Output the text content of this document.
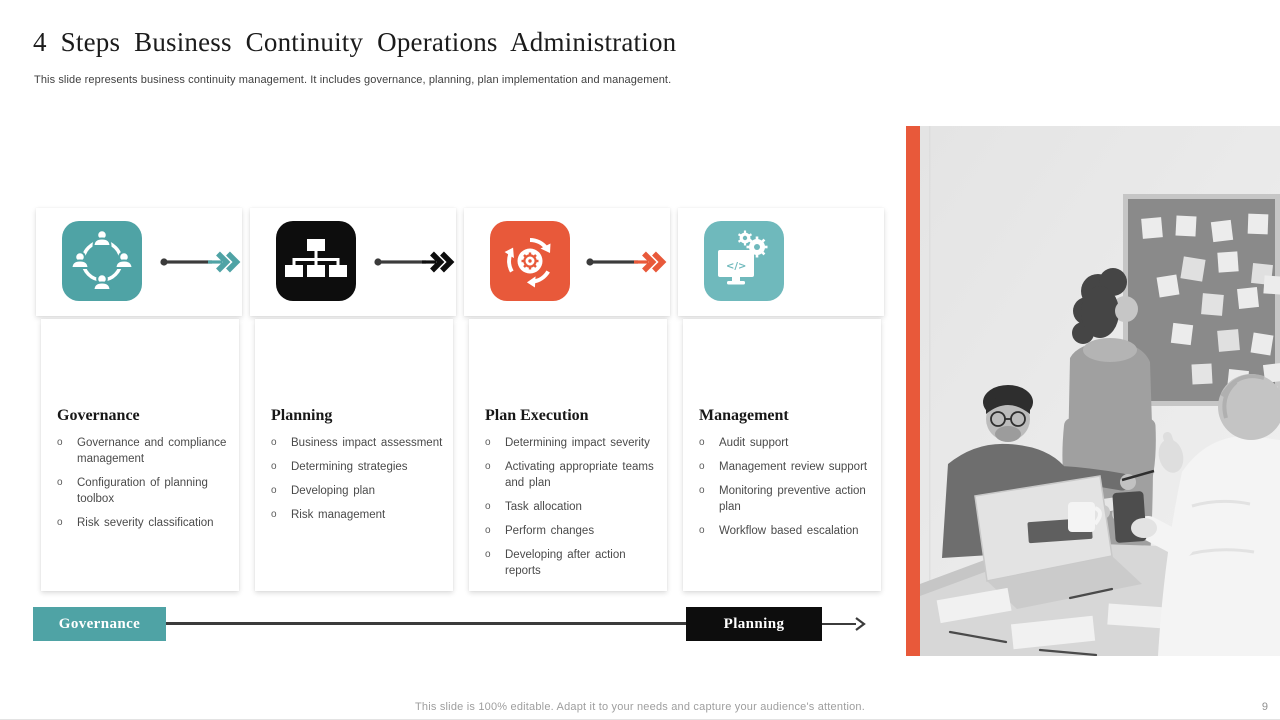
4 Steps Business Continuity Operations Administration
This slide represents business continuity management. It includes governance, planning, plan implementation and management.
Governance
o	Governance and compliance management
o	Configuration of planning toolbox
o	Risk severity classification
Planning
o	Business impact assessment
o	Determining strategies
o	Developing plan
o	Risk management
Plan Execution
o	Determining impact severity
o	Activating appropriate teams and plan
o	Task allocation
o	Perform changes
o	Developing after action reports
</>
Management
o	Audit support
o	Management review support
o	Monitoring preventive action plan
o	Workflow based escalation
Governance	Planning
This slide is 100% editable. Adapt it to your needs and capture your audience's attention.	9
